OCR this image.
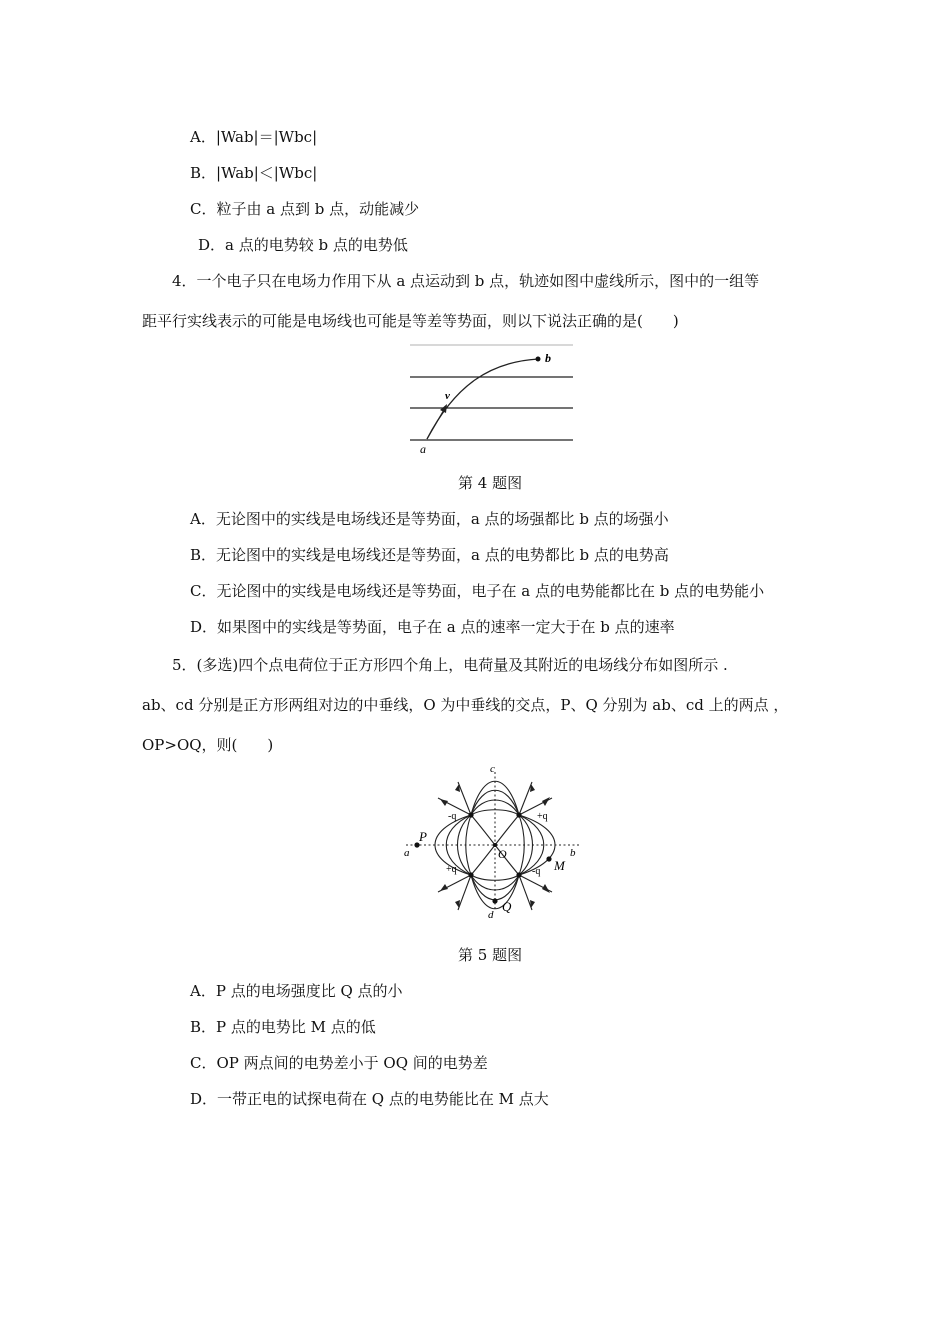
A．|Wab|＝|Wbc|
B．|Wab|＜|Wbc|
C．粒子由 a 点到 b 点，动能减少
D．a 点的电势较 b 点的电势低
4．一个电子只在电场力作用下从 a 点运动到 b 点，轨迹如图中虚线所示，图中的一组等
距平行实线表示的可能是电场线也可能是等差等势面，则以下说法正确的是(　　)
b
v
a
第 4 题图
A．无论图中的实线是电场线还是等势面，a 点的场强都比 b 点的场强小
B．无论图中的实线是电场线还是等势面，a 点的电势都比 b 点的电势高
C．无论图中的实线是电场线还是等势面，电子在 a 点的电势能都比在 b 点的电势能小
D．如果图中的实线是等势面，电子在 a 点的速率一定大于在 b 点的速率
5．(多选)四个点电荷位于正方形四个角上，电荷量及其附近的电场线分布如图所示 .
ab、cd 分别是正方形两组对边的中垂线，O 为中垂线的交点，P、Q 分别为 ab、cd 上的两点 ，
OP>OQ，则(　　)
c
d
a	b
O
P
Q
M
-q	+q
+q	-q
第 5 题图
A．P 点的电场强度比 Q 点的小
B．P 点的电势比 M 点的低
C．OP 两点间的电势差小于 OQ 间的电势差
D．一带正电的试探电荷在 Q 点的电势能比在 M 点大
